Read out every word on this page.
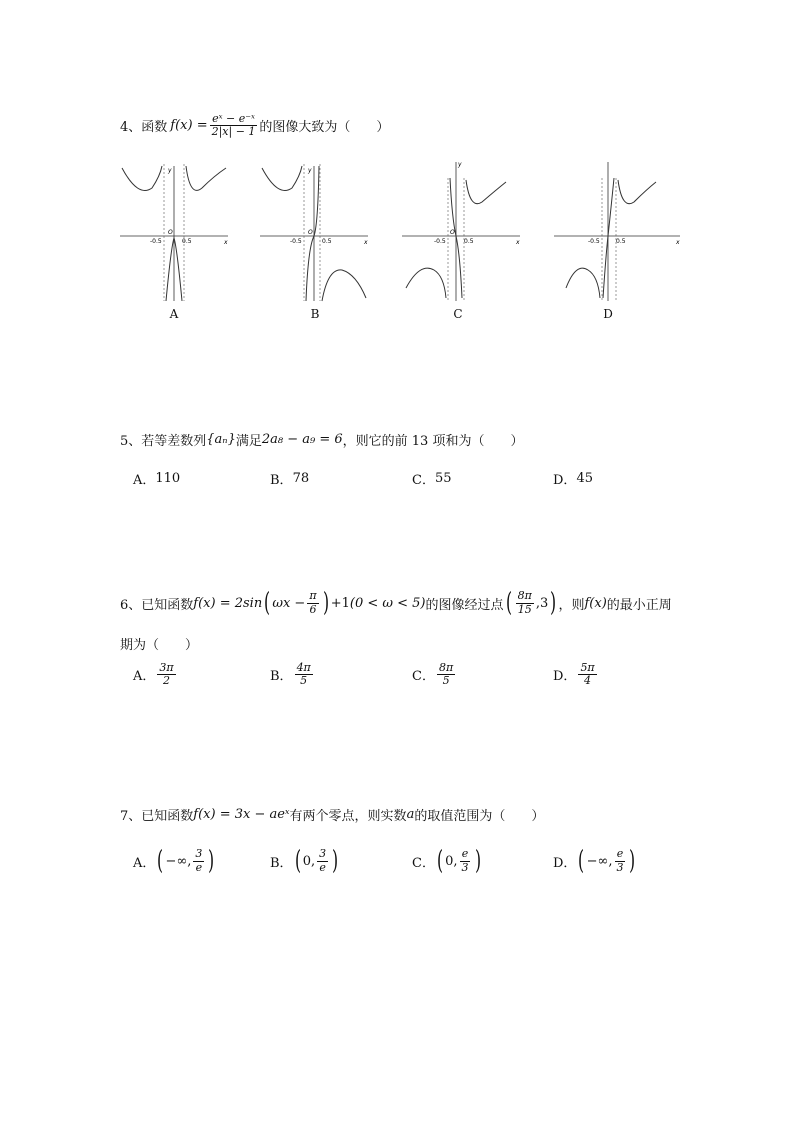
4、函数 $f(x) = \frac{\text{eˣ − e⁻ˣ}}{2|x| - 1}$ 的图像大致为（　　）
-0.5	0.5
O
x
y
A
-0.5	0.5
O
x
y
B
-0.5	0.5
O
x
y
C
-0.5	0.5	x
D
5、若等差数列 {aₙ} 满足 2a₈ − a₉ = 6 ，则它的前 13 项和为（　　）
A． 110	B． 78	C． 55	D． 45
6、已知函数 f(x) = 2sin ( $\omega x - \frac{\pi}{6}$ ) +1 (0 < ω < 5) 的图像经过点 ( $\frac{8\pi}{15} ,3$ ) ，则 f(x) 的最小正周
期为（　　）
A． $\frac{3\pi}{2}$	B． $\frac{4\pi}{5}$	C． $\frac{8\pi}{5}$	D． $\frac{5\pi}{4}$
7、已知函数 f(x) = 3x − aeˣ 有两个零点，则实数 a 的取值范围为（　　）
A． ( −∞, $\frac{3}{e}$ )	B． ( 0, $\frac{3}{e}$ )	C． ( 0, $\frac{e}{3}$ )	D． ( −∞, $\frac{e}{3}$ )
